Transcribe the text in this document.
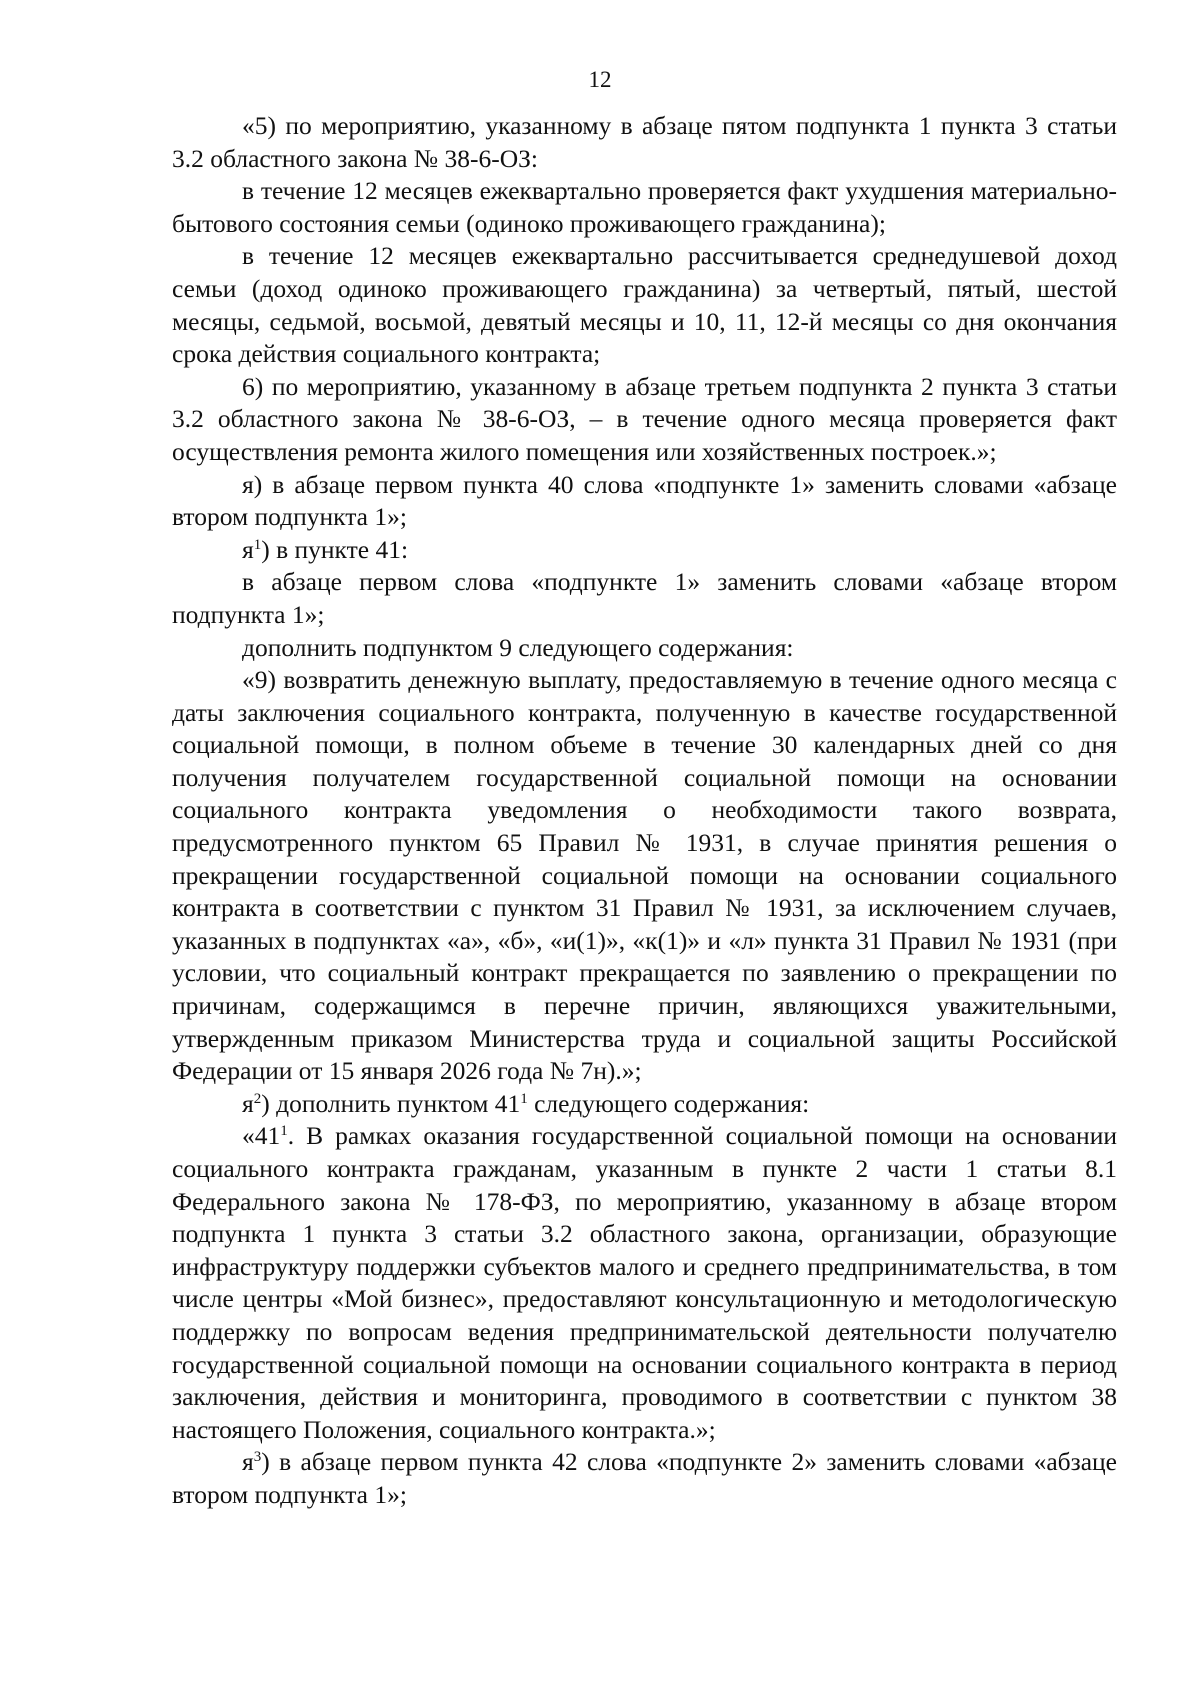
12

«5) по мероприятию, указанному в абзаце пятом подпункта 1 пункта 3 статьи 3.2 областного закона № 38-6-ОЗ:

в течение 12 месяцев ежеквартально проверяется факт ухудшения материально-бытового состояния семьи (одиноко проживающего гражданина);

в течение 12 месяцев ежеквартально рассчитывается среднедушевой доход семьи (доход одиноко проживающего гражданина) за четвертый, пятый, шестой месяцы, седьмой, восьмой, девятый месяцы и 10, 11, 12-й месяцы со дня окончания срока действия социального контракта;

6) по мероприятию, указанному в абзаце третьем подпункта 2 пункта 3 статьи 3.2 областного закона № 38-6-ОЗ, – в течение одного месяца проверяется факт осуществления ремонта жилого помещения или хозяйственных построек.»;

я) в абзаце первом пункта 40 слова «подпункте 1» заменить словами «абзаце втором подпункта 1»;

$я^1$) в пункте 41:

в абзаце первом слова «подпункте 1» заменить словами «абзаце втором подпункта 1»;

дополнить подпунктом 9 следующего содержания:

«9) возвратить денежную выплату, предоставляемую в течение одного месяца с даты заключения социального контракта, полученную в качестве государственной социальной помощи, в полном объеме в течение 30 календарных дней со дня получения получателем государственной социальной помощи на основании социального контракта уведомления о необходимости такого возврата, предусмотренного пунктом 65 Правил № 1931, в случае принятия решения о прекращении государственной социальной помощи на основании социального контракта в соответствии с пунктом 31 Правил № 1931, за исключением случаев, указанных в подпунктах «а», «б», «и(1)», «к(1)» и «л» пункта 31 Правил № 1931 (при условии, что социальный контракт прекращается по заявлению о прекращении по причинам, содержащимся в перечне причин, являющихся уважительными, утвержденным приказом Министерства труда и социальной защиты Российской Федерации от 15 января 2026 года № 7н).»;

$я^2$) дополнить пунктом $41^1$ следующего содержания:

«$41^1$. В рамках оказания государственной социальной помощи на основании социального контракта гражданам, указанным в пункте 2 части 1 статьи 8.1 Федерального закона № 178-ФЗ, по мероприятию, указанному в абзаце втором подпункта 1 пункта 3 статьи 3.2 областного закона, организации, образующие инфраструктуру поддержки субъектов малого и среднего предпринимательства, в том числе центры «Мой бизнес», предоставляют консультационную и методологическую поддержку по вопросам ведения предпринимательской деятельности получателю государственной социальной помощи на основании социального контракта в период заключения, действия и мониторинга, проводимого в соответствии с пунктом 38 настоящего Положения, социального контракта.»;

$я^3$) в абзаце первом пункта 42 слова «подпункте 2» заменить словами «абзаце втором подпункта 1»;
